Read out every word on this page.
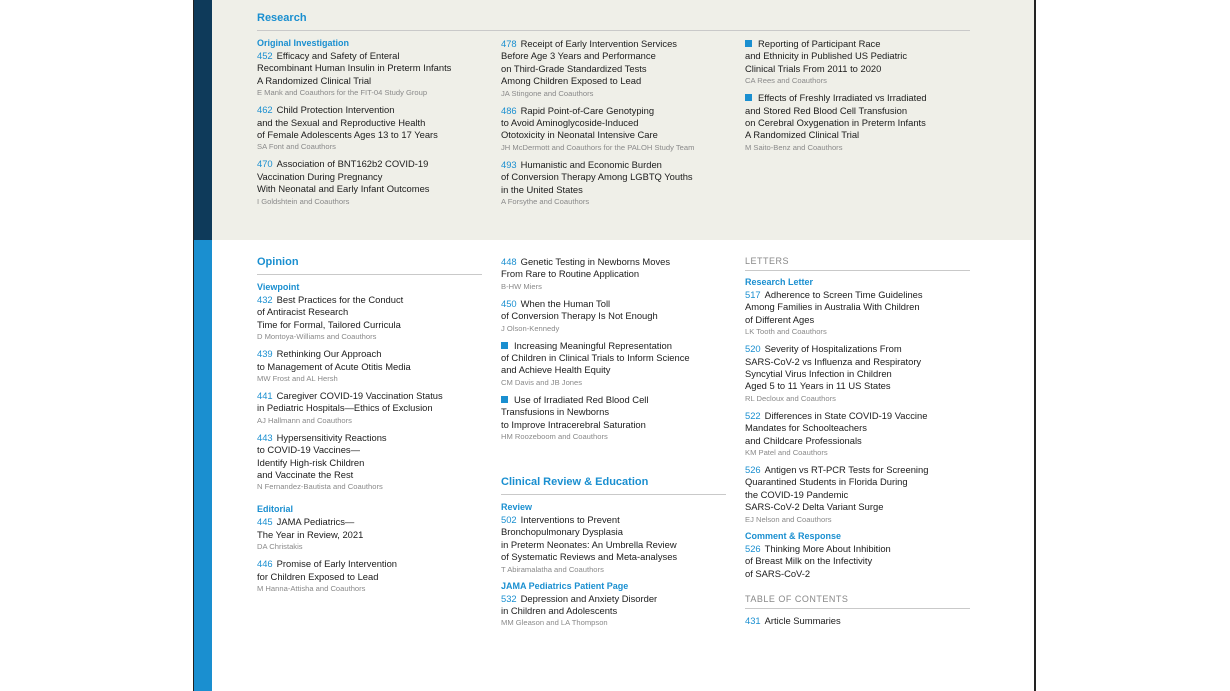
Research
Original Investigation
452 Efficacy and Safety of Enteral
Recombinant Human Insulin in Preterm Infants
A Randomized Clinical Trial
E Mank and Coauthors for the FIT-04 Study Group
462 Child Protection Intervention
and the Sexual and Reproductive Health
of Female Adolescents Ages 13 to 17 Years
SA Font and Coauthors
470 Association of BNT162b2 COVID-19
Vaccination During Pregnancy
With Neonatal and Early Infant Outcomes
I Goldshtein and Coauthors
478 Receipt of Early Intervention Services
Before Age 3 Years and Performance
on Third-Grade Standardized Tests
Among Children Exposed to Lead
JA Stingone and Coauthors
486 Rapid Point-of-Care Genotyping
to Avoid Aminoglycoside-Induced
Ototoxicity in Neonatal Intensive Care
JH McDermott and Coauthors for the PALOH Study Team
493 Humanistic and Economic Burden
of Conversion Therapy Among LGBTQ Youths
in the United States
A Forsythe and Coauthors
Reporting of Participant Race
and Ethnicity in Published US Pediatric
Clinical Trials From 2011 to 2020
CA Rees and Coauthors
Effects of Freshly Irradiated vs Irradiated
and Stored Red Blood Cell Transfusion
on Cerebral Oxygenation in Preterm Infants
A Randomized Clinical Trial
M Saito-Benz and Coauthors
Opinion
Viewpoint
432 Best Practices for the Conduct
of Antiracist Research
Time for Formal, Tailored Curricula
D Montoya-Williams and Coauthors
439 Rethinking Our Approach
to Management of Acute Otitis Media
MW Frost and AL Hersh
441 Caregiver COVID-19 Vaccination Status
in Pediatric Hospitals—Ethics of Exclusion
AJ Hallmann and Coauthors
443 Hypersensitivity Reactions
to COVID-19 Vaccines—
Identify High-risk Children
and Vaccinate the Rest
N Fernandez-Bautista and Coauthors
Editorial
445 JAMA Pediatrics—
The Year in Review, 2021
DA Christakis
446 Promise of Early Intervention
for Children Exposed to Lead
M Hanna-Attisha and Coauthors
448 Genetic Testing in Newborns Moves
From Rare to Routine Application
B-HW Miers
450 When the Human Toll
of Conversion Therapy Is Not Enough
J Olson-Kennedy
Increasing Meaningful Representation
of Children in Clinical Trials to Inform Science
and Achieve Health Equity
CM Davis and JB Jones
Use of Irradiated Red Blood Cell
Transfusions in Newborns
to Improve Intracerebral Saturation
HM Roozeboom and Coauthors
Clinical Review & Education
Review
502 Interventions to Prevent
Bronchopulmonary Dysplasia
in Preterm Neonates: An Umbrella Review
of Systematic Reviews and Meta-analyses
T Abiramalatha and Coauthors
JAMA Pediatrics Patient Page
532 Depression and Anxiety Disorder
in Children and Adolescents
MM Gleason and LA Thompson
LETTERS
Research Letter
517 Adherence to Screen Time Guidelines
Among Families in Australia With Children
of Different Ages
LK Tooth and Coauthors
520 Severity of Hospitalizations From
SARS-CoV-2 vs Influenza and Respiratory
Syncytial Virus Infection in Children
Aged 5 to 11 Years in 11 US States
RL Decloux and Coauthors
522 Differences in State COVID-19 Vaccine
Mandates for Schoolteachers
and Childcare Professionals
KM Patel and Coauthors
526 Antigen vs RT-PCR Tests for Screening
Quarantined Students in Florida During
the COVID-19 Pandemic
SARS-CoV-2 Delta Variant Surge
EJ Nelson and Coauthors
Comment & Response
526 Thinking More About Inhibition
of Breast Milk on the Infectivity
of SARS-CoV-2
TABLE OF CONTENTS
431 Article Summaries
